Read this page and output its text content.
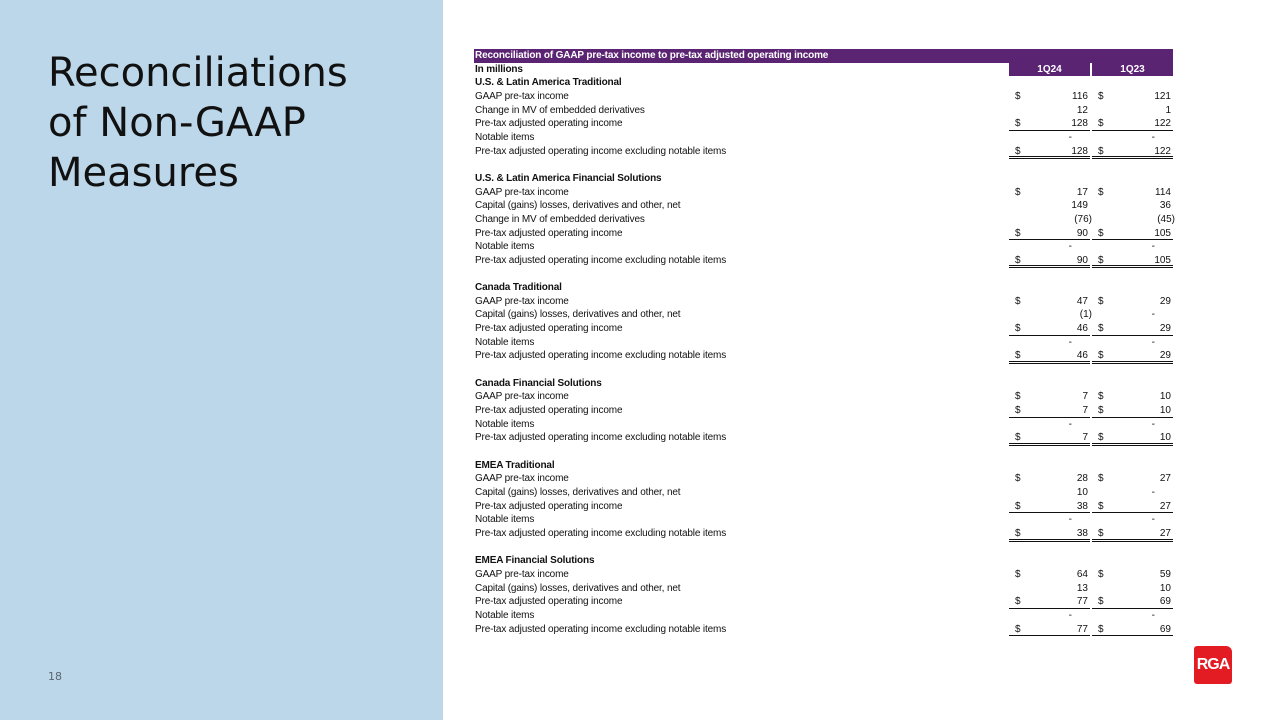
Reconciliations
of Non-GAAP
Measures
18
Reconciliation of GAAP pre-tax income to pre-tax adjusted operating income
In millions	1Q24	1Q23
U.S. & Latin America Traditional
GAAP pre-tax income	$	116 $	121
Change in MV of embedded derivatives	12	1
Pre-tax adjusted operating income	$	128 $	122
Notable items	-	-
Pre-tax adjusted operating income excluding notable items	$	128 $	122
U.S. & Latin America Financial Solutions
GAAP pre-tax income	$	17 $	114
Capital (gains) losses, derivatives and other, net	149	36
Change in MV of embedded derivatives	(76)	(45)
Pre-tax adjusted operating income	$	90 $	105
Notable items	-	-
Pre-tax adjusted operating income excluding notable items	$	90 $	105
Canada Traditional
GAAP pre-tax income	$	47 $	29
Capital (gains) losses, derivatives and other, net	(1)	-
Pre-tax adjusted operating income	$	46 $	29
Notable items	-	-
Pre-tax adjusted operating income excluding notable items	$	46 $	29
Canada Financial Solutions
GAAP pre-tax income	$	7 $	10
Pre-tax adjusted operating income	$	7 $	10
Notable items	-	-
Pre-tax adjusted operating income excluding notable items	$	7 $	10
EMEA Traditional
GAAP pre-tax income	$	28 $	27
Capital (gains) losses, derivatives and other, net	10	-
Pre-tax adjusted operating income	$	38 $	27
Notable items	-	-
Pre-tax adjusted operating income excluding notable items	$	38 $	27
EMEA Financial Solutions
GAAP pre-tax income	$	64 $	59
Capital (gains) losses, derivatives and other, net	13	10
Pre-tax adjusted operating income	$	77 $	69
Notable items	-	-
Pre-tax adjusted operating income excluding notable items	$	77 $	69
RGA
